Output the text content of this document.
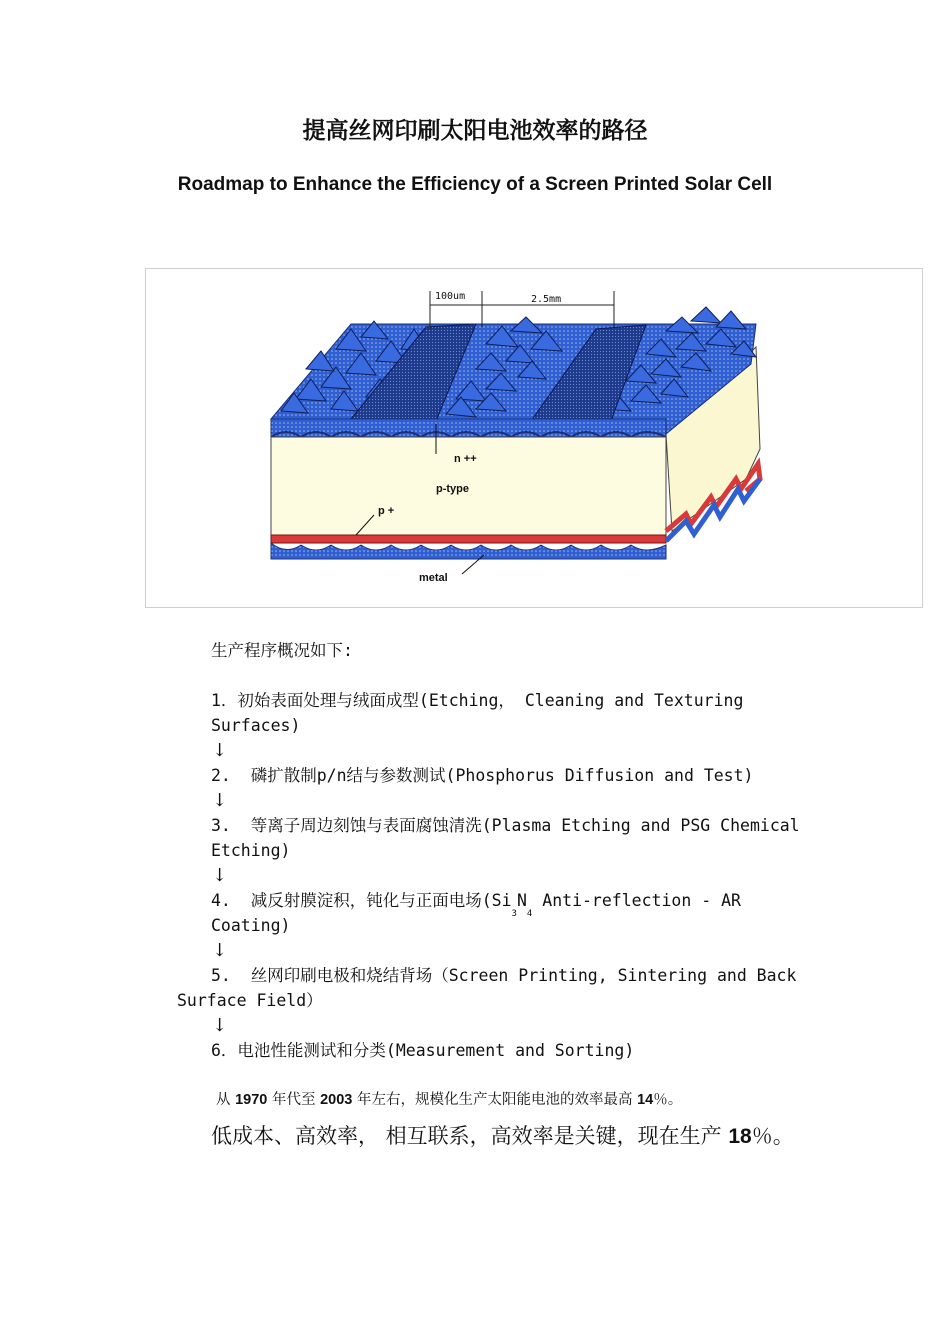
提高丝网印刷太阳电池效率的路径
Roadmap to Enhance the Efficiency of a Screen Printed Solar Cell
100um	2.5mm
n ++
p-type
p +
metal
生产程序概况如下:
1．初始表面处理与绒面成型(Etching， Cleaning and Texturing
Surfaces)
↓
2.  磷扩散制p/n结与参数测试(Phosphorus Diffusion and Test)
↓
3.  等离子周边刻蚀与表面腐蚀清洗(Plasma Etching and PSG Chemical
Etching)
↓
4.  减反射膜淀积，钝化与正面电场($Si_3N_4$ Anti-reflection - AR
Coating)
↓
5.  丝网印刷电极和烧结背场（Screen Printing, Sintering and Back
Surface Field）
↓
6．电池性能测试和分类(Measurement and Sorting)
从 1970 年代至 2003 年左右，规模化生产太阳能电池的效率最高 14％。
低成本、高效率， 相互联系，高效率是关键，现在生产 18％。
